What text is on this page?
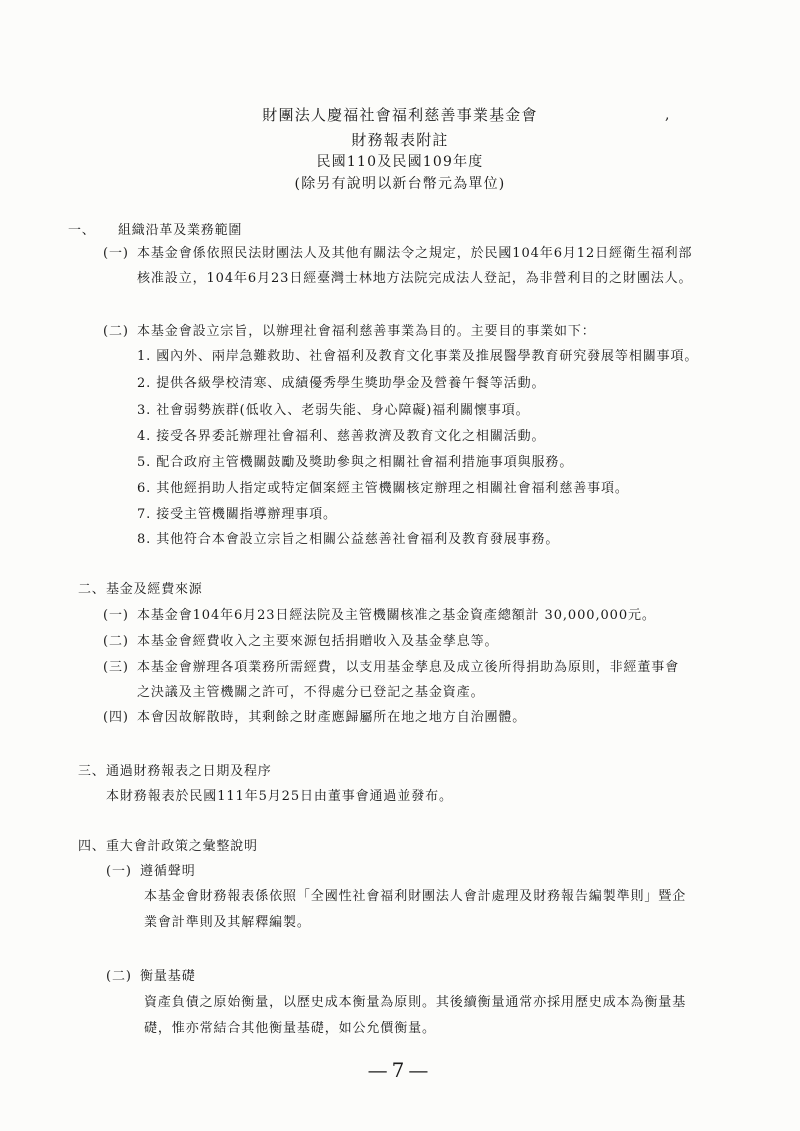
財團法人慶福社會福利慈善事業基金會	,
財務報表附註
民國110及民國109年度
(除另有說明以新台幣元為單位)
一、 組織沿革及業務範圍
(一) 本基金會係依照民法財團法人及其他有關法令之規定，於民國104年6月12日經衛生福利部
核准設立，104年6月23日經臺灣士林地方法院完成法人登記，為非營利目的之財團法人。
(二) 本基金會設立宗旨，以辦理社會福利慈善事業為目的。主要目的事業如下：
1. 國內外、兩岸急難救助、社會福利及教育文化事業及推展醫學教育研究發展等相關事項。
2. 提供各級學校清寒、成績優秀學生獎助學金及營養午餐等活動。
3. 社會弱勢族群(低收入、老弱失能、身心障礙)福利關懷事項。
4. 接受各界委託辦理社會福利、慈善救濟及教育文化之相關活動。
5. 配合政府主管機關鼓勵及獎助參與之相關社會福利措施事項與服務。
6. 其他經捐助人指定或特定個案經主管機關核定辦理之相關社會福利慈善事項。
7. 接受主管機關指導辦理事項。
8. 其他符合本會設立宗旨之相關公益慈善社會福利及教育發展事務。
二、 基金及經費來源
(一) 本基金會104年6月23日經法院及主管機關核准之基金資產總額計 30,000,000元。
(二) 本基金會經費收入之主要來源包括捐贈收入及基金孳息等。
(三) 本基金會辦理各項業務所需經費，以支用基金孳息及成立後所得捐助為原則，非經董事會
之決議及主管機關之許可，不得處分已登記之基金資產。
(四) 本會因故解散時，其剩餘之財產應歸屬所在地之地方自治團體。
三、 通過財務報表之日期及程序
本財務報表於民國111年5月25日由董事會通過並發布。
四、 重大會計政策之彙整說明
(一) 遵循聲明
本基金會財務報表係依照「全國性社會福利財團法人會計處理及財務報告編製準則」暨企
業會計準則及其解釋編製。
(二) 衡量基礎
資產負債之原始衡量，以歷史成本衡量為原則。其後續衡量通常亦採用歷史成本為衡量基
礎，惟亦常結合其他衡量基礎，如公允價衡量。
—7—
